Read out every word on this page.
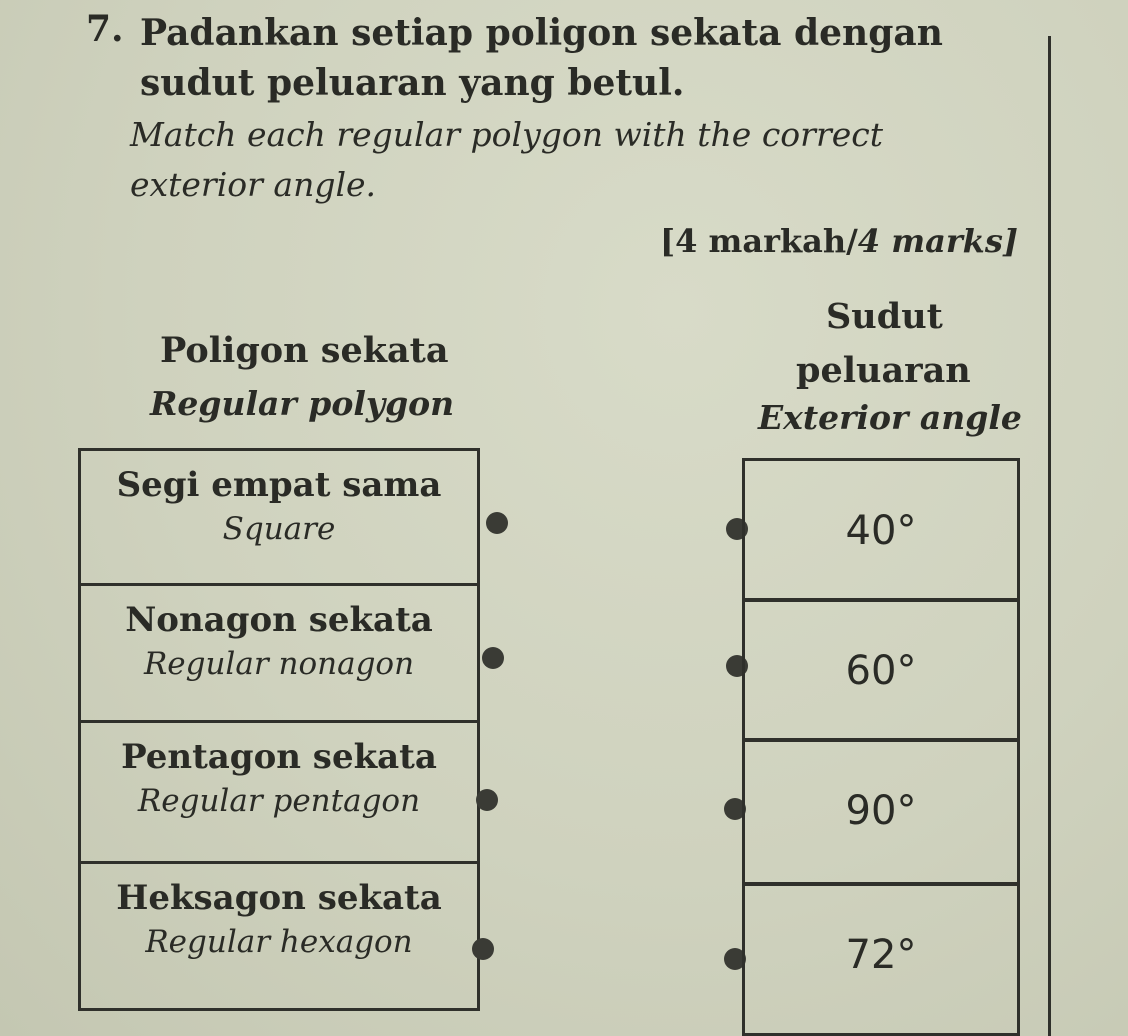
7. Padankan setiap poligon sekata dengan sudut peluaran yang betul.
Match each regular polygon with the correct exterior angle.
[4 markah/4 marks]
Poligon sekata
Regular polygon
Sudut
peluaran
Exterior angle
Segi empat sama
Square
Nonagon sekata
Regular nonagon
Pentagon sekata
Regular pentagon
Heksagon sekata
Regular hexagon
40°
60°
90°
72°
